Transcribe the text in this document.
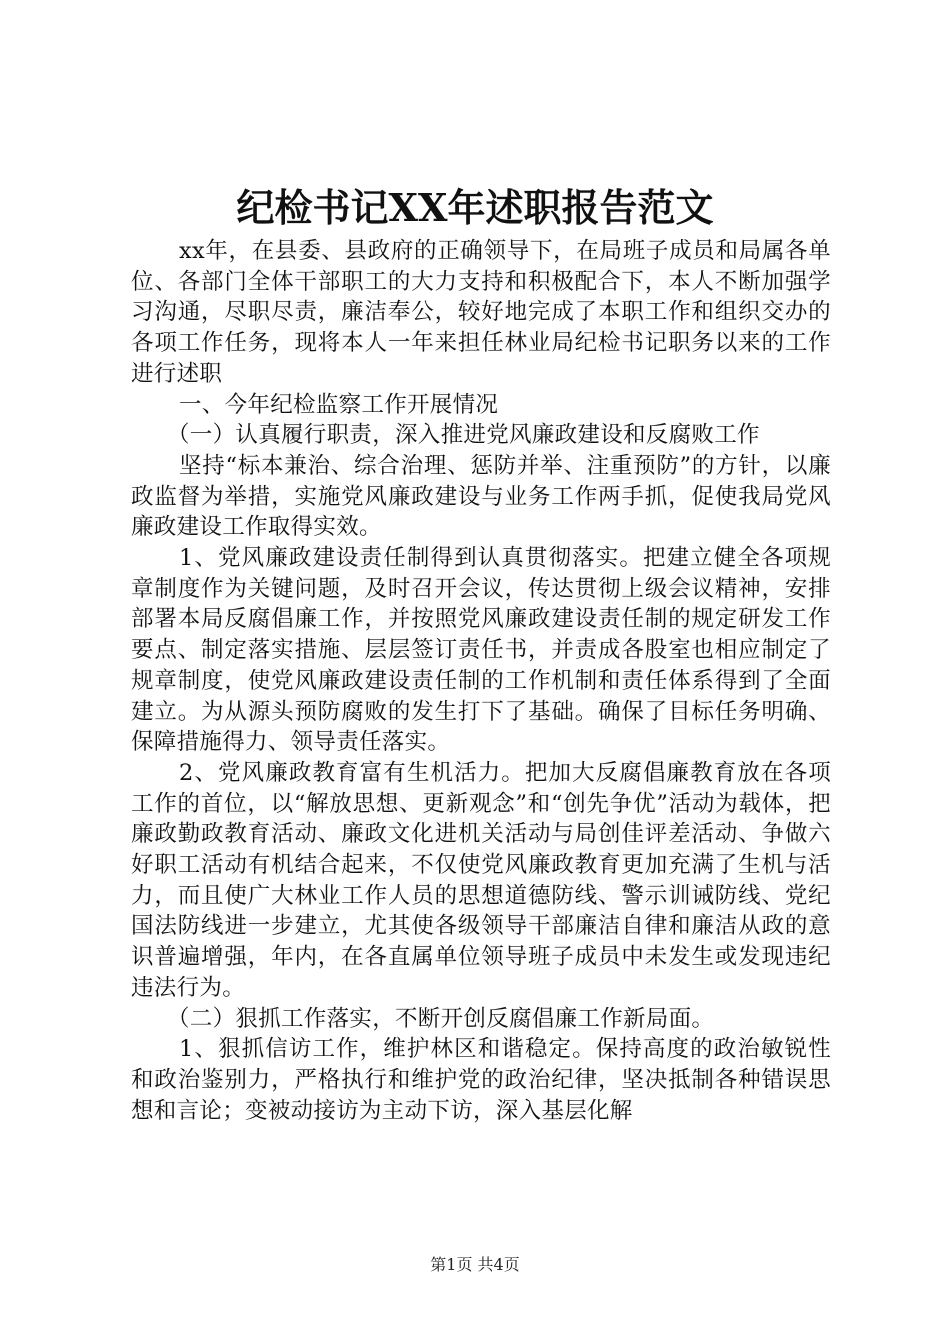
纪检书记XX年述职报告范文

xx年，在县委、县政府的正确领导下，在局班子成员和局属各单位、各部门全体干部职工的大力支持和积极配合下，本人不断加强学习沟通，尽职尽责，廉洁奉公，较好地完成了本职工作和组织交办的各项工作任务，现将本人一年来担任林业局纪检书记职务以来的工作进行述职

一、今年纪检监察工作开展情况

（一）认真履行职责，深入推进党风廉政建设和反腐败工作

坚持“标本兼治、综合治理、惩防并举、注重预防”的方针，以廉政监督为举措，实施党风廉政建设与业务工作两手抓，促使我局党风廉政建设工作取得实效。

1、党风廉政建设责任制得到认真贯彻落实。把建立健全各项规章制度作为关键问题，及时召开会议，传达贯彻上级会议精神，安排部署本局反腐倡廉工作，并按照党风廉政建设责任制的规定研发工作要点、制定落实措施、层层签订责任书，并责成各股室也相应制定了规章制度，使党风廉政建设责任制的工作机制和责任体系得到了全面建立。为从源头预防腐败的发生打下了基础。确保了目标任务明确、保障措施得力、领导责任落实。

2、党风廉政教育富有生机活力。把加大反腐倡廉教育放在各项工作的首位，以“解放思想、更新观念”和“创先争优”活动为载体，把廉政勤政教育活动、廉政文化进机关活动与局创佳评差活动、争做六好职工活动有机结合起来，不仅使党风廉政教育更加充满了生机与活力，而且使广大林业工作人员的思想道德防线、警示训诫防线、党纪国法防线进一步建立，尤其使各级领导干部廉洁自律和廉洁从政的意识普遍增强，年内，在各直属单位领导班子成员中未发生或发现违纪违法行为。

（二）狠抓工作落实，不断开创反腐倡廉工作新局面。

1、狠抓信访工作，维护林区和谐稳定。保持高度的政治敏锐性和政治鉴别力，严格执行和维护党的政治纪律，坚决抵制各种错误思想和言论；变被动接访为主动下访，深入基层化解

第1页 共4页
